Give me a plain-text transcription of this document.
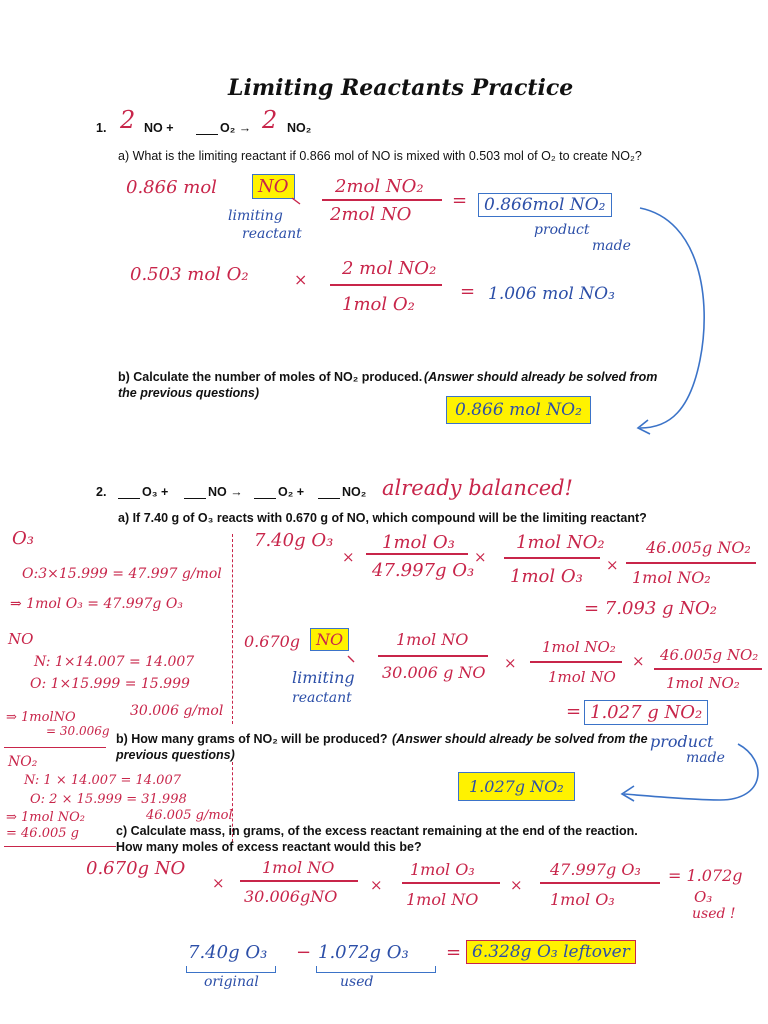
Limiting Reactants Practice
1. 2 NO +	O₂ → 2 NO₂
a) What is the limiting reactant if 0.866 mol of NO is mixed with 0.503 mol of O₂ to create NO₂?
0.866 mol	NO
limiting
reactant
2mol NO₂
2mol NO
= 0.866mol NO₂
product
made
0.503 mol O₂	×
2 mol NO₂
1mol O₂
= 1.006 mol NO₃
b) Calculate the number of moles of NO₂ produced. (Answer should already be solved from
the previous questions)
0.866 mol NO₂
2.	O₃ +	NO →	O₂ +	NO₂ already balanced!
a) If 7.40 g of O₃ reacts with 0.670 g of NO, which compound will be the limiting reactant?
O₃
O:3×15.999 = 47.997 g/mol
⇒ 1mol O₃ = 47.997g O₃
NO
N: 1×14.007 = 14.007
O: 1×15.999 = 15.999
30.006 g/mol
⇒ 1molNO
= 30.006g
NO₂
N: 1 × 14.007 = 14.007
O: 2 × 15.999 = 31.998
46.005 g/mol
⇒ 1mol NO₂
= 46.005 g
7.40g O₃
×
1mol O₃
47.997g O₃
×
1mol NO₂
1mol O₃
×
46.005g NO₂
1mol NO₂
= 7.093 g NO₂
0.670g NO
limiting
reactant
1mol NO
30.006 g NO ×
1mol NO₂
1mol NO
× 46.005g NO₂
1mol NO₂
= 1.027 g NO₂
product
made
b) How many grams of NO₂ will be produced? (Answer should already be solved from the
previous questions)
1.027g NO₂
c) Calculate mass, in grams, of the excess reactant remaining at the end of the reaction.
How many moles of excess reactant would this be?
0.670g NO
×
1mol NO
30.006gNO
×
1mol O₃
1mol NO
×
47.997g O₃
1mol O₃
= 1.072g
O₃
used !
7.40g O₃ − 1.072g O₃ = 6.328g O₃ leftover
original	used
